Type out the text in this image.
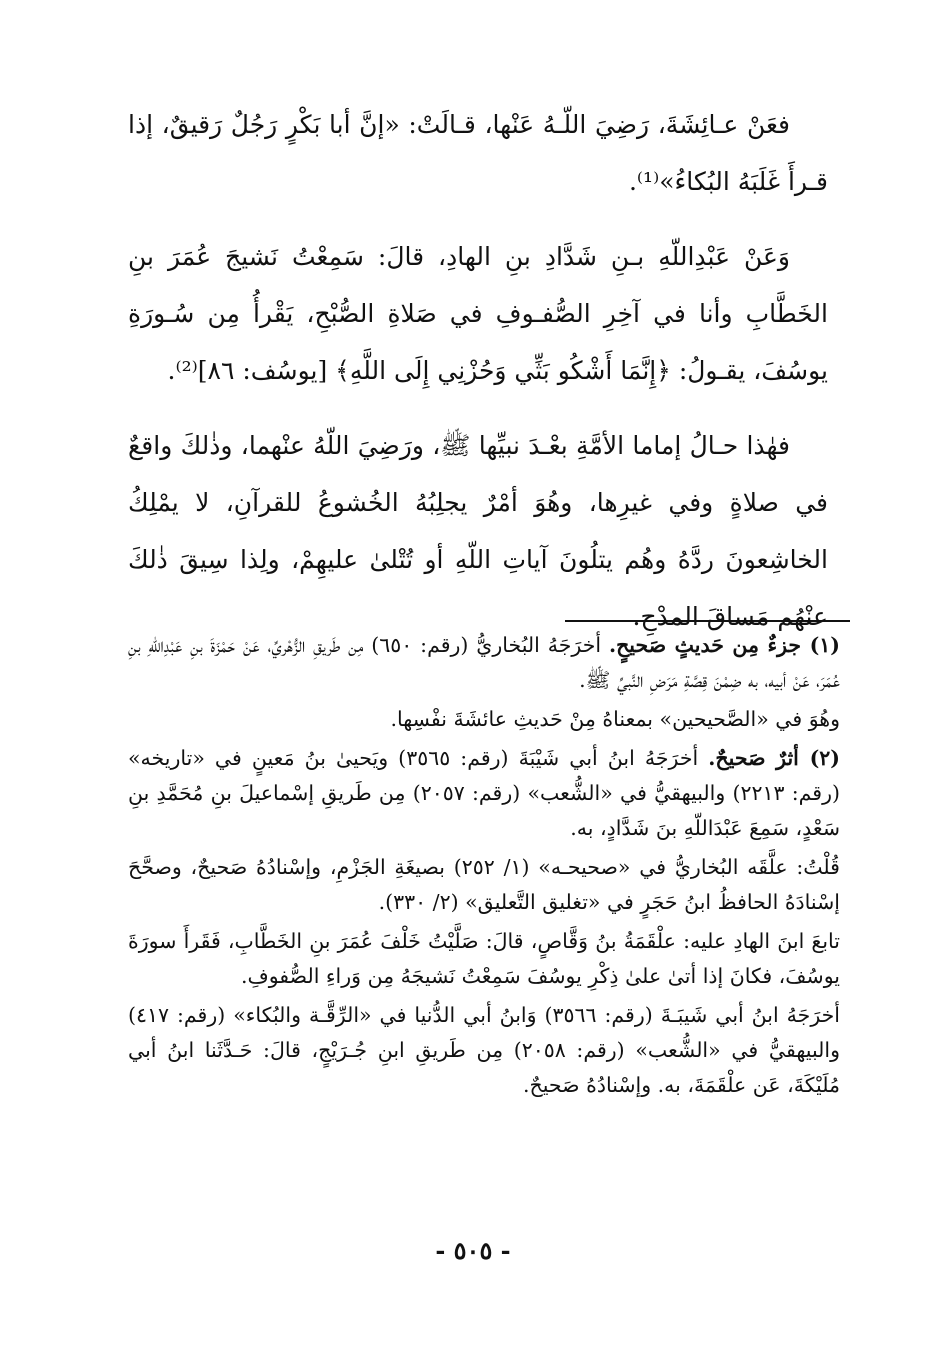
فعَنْ عـائِشَةَ، رَضِيَ اللّـهُ عَنْها، قـالَتْ: «إنَّ أبا بَكْرٍ رَجُلٌ رَقيقٌ، إذا قـرأَ غَلَبَهُ البُكاءُ»⁽¹⁾.

وَعَنْ عَبْدِاللّهِ بـنِ شَدَّادِ بنِ الهادِ، قالَ: سَمِعْتُ نَشيجَ عُمَرَ بنِ الخَطَّابِ وأنا في آخِرِ الصُّفـوفِ في صَلاةِ الصُّبْحِ، يَقْرأُ مِن سُـورَةِ يوسُفَ، يقـولُ: ﴿إِنَّمَا أَشْكُو بَثِّي وَحُزْنِي إِلَى اللَّهِ﴾ [يوسُف: ٨٦]⁽²⁾.

فهٰذا حـالُ إماما الأمَّةِ بعْـدَ نبيِّها ﷺ، ورَضِيَ اللّهُ عنْهما، وذٰلكَ واقعٌ في صلاةٍ وفي غيرِها، وهُوَ أمْرٌ يجلِبُهُ الخُشوعُ للقرآنِ، لا يمْلِكُ الخاشِعونَ ردَّهُ وهُم يتلُونَ آياتِ اللّهِ أو تُتْلىٰ عليهِمْ، ولِذا سِيقَ ذٰلكَ عنْهُم مَساقَ المدْحِ.

(١) جزءٌ مِن حَديثٍ صَحيحٍ. أخرَجَهُ البُخاريُّ (رقم: ٦٥٠) مِن طَريقِ الزُّهْريِّ، عَنْ حَمْزَةَ بنِ عَبْدِاللّهِ بنِ عُمَرَ، عَنْ أبيه، به ضِمْنَ قِصَّةِ مَرَضِ النَّبيِّ ﷺ.

وهُوَ في «الصَّحيحين» بمعناهُ مِنْ حَديثِ عائشَةَ نفْسِها.

(٢) أثرٌ صَحيحٌ. أخرَجَهُ ابنُ أبي شَيْبَةَ (رقم: ٣٥٦٥) ويَحيىٰ بنُ مَعينٍ في «تاريخه» (رقم: ٢٢١٣) والبيهقيُّ في «الشُّعب» (رقم: ٢٠٥٧) مِن طَريقِ إسْماعيلَ بنِ مُحَمَّدِ بنِ سَعْدٍ، سَمِعَ عَبْدَاللّهِ بنَ شَدَّادٍ، به.

قُلْتُ: علَّقَه البُخاريُّ في «صحيحـه» (١/ ٢٥٢) بصيغَةِ الجَزْمِ، وإسْنادُهُ صَحيحٌ، وصحَّحَ إسْنادَهُ الحافظُ ابنُ حَجَرٍ في «تغليق التَّعليق» (٢/ ٣٣٠).

تابعَ ابنَ الهادِ عليه: علْقَمَةُ بنُ وَقَّاصٍ، قالَ: صَلَّيْتُ خَلْفَ عُمَرَ بنِ الخَطَّابِ، فَقَرأَ سورَةَ يوسُفَ، فكانَ إذا أتىٰ علىٰ ذِكْرِ يوسُفَ سَمِعْتُ نَشيجَهُ مِن وَراءِ الصُّفوفِ.

أخرَجَهُ ابنُ أبي شَيبَـةَ (رقم: ٣٥٦٦) وَابنُ أبي الدُّنيا في «الرِّقَّـة والبُكاء» (رقم: ٤١٧) والبيهقيُّ في «الشُّعب» (رقم: ٢٠٥٨) مِن طَريقِ ابنِ جُـرَيْجٍ، قالَ: حَـدَّثَنا ابنُ أبي مُلَيْكَةَ، عَن علْقَمَةَ، به. وإسْنادُهُ صَحيحٌ.

- ٥٠٥ -
